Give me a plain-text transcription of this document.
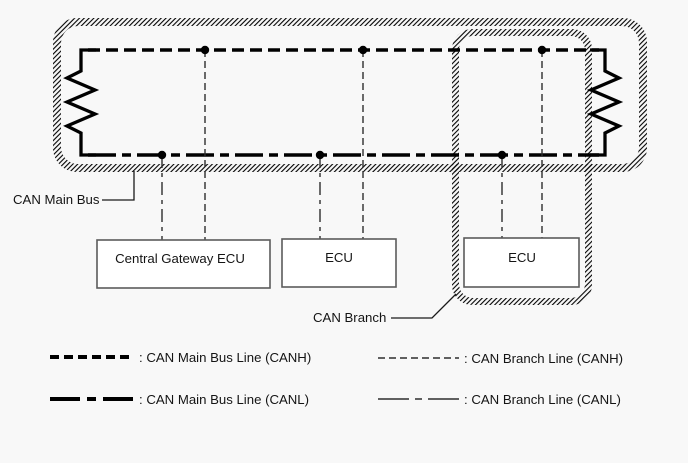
Central Gateway ECU	ECU	ECU
CAN Main Bus
CAN Branch
: CAN Main Bus Line (CANH)
: CAN Main Bus Line (CANL)
: CAN Branch Line (CANH)
: CAN Branch Line (CANL)
